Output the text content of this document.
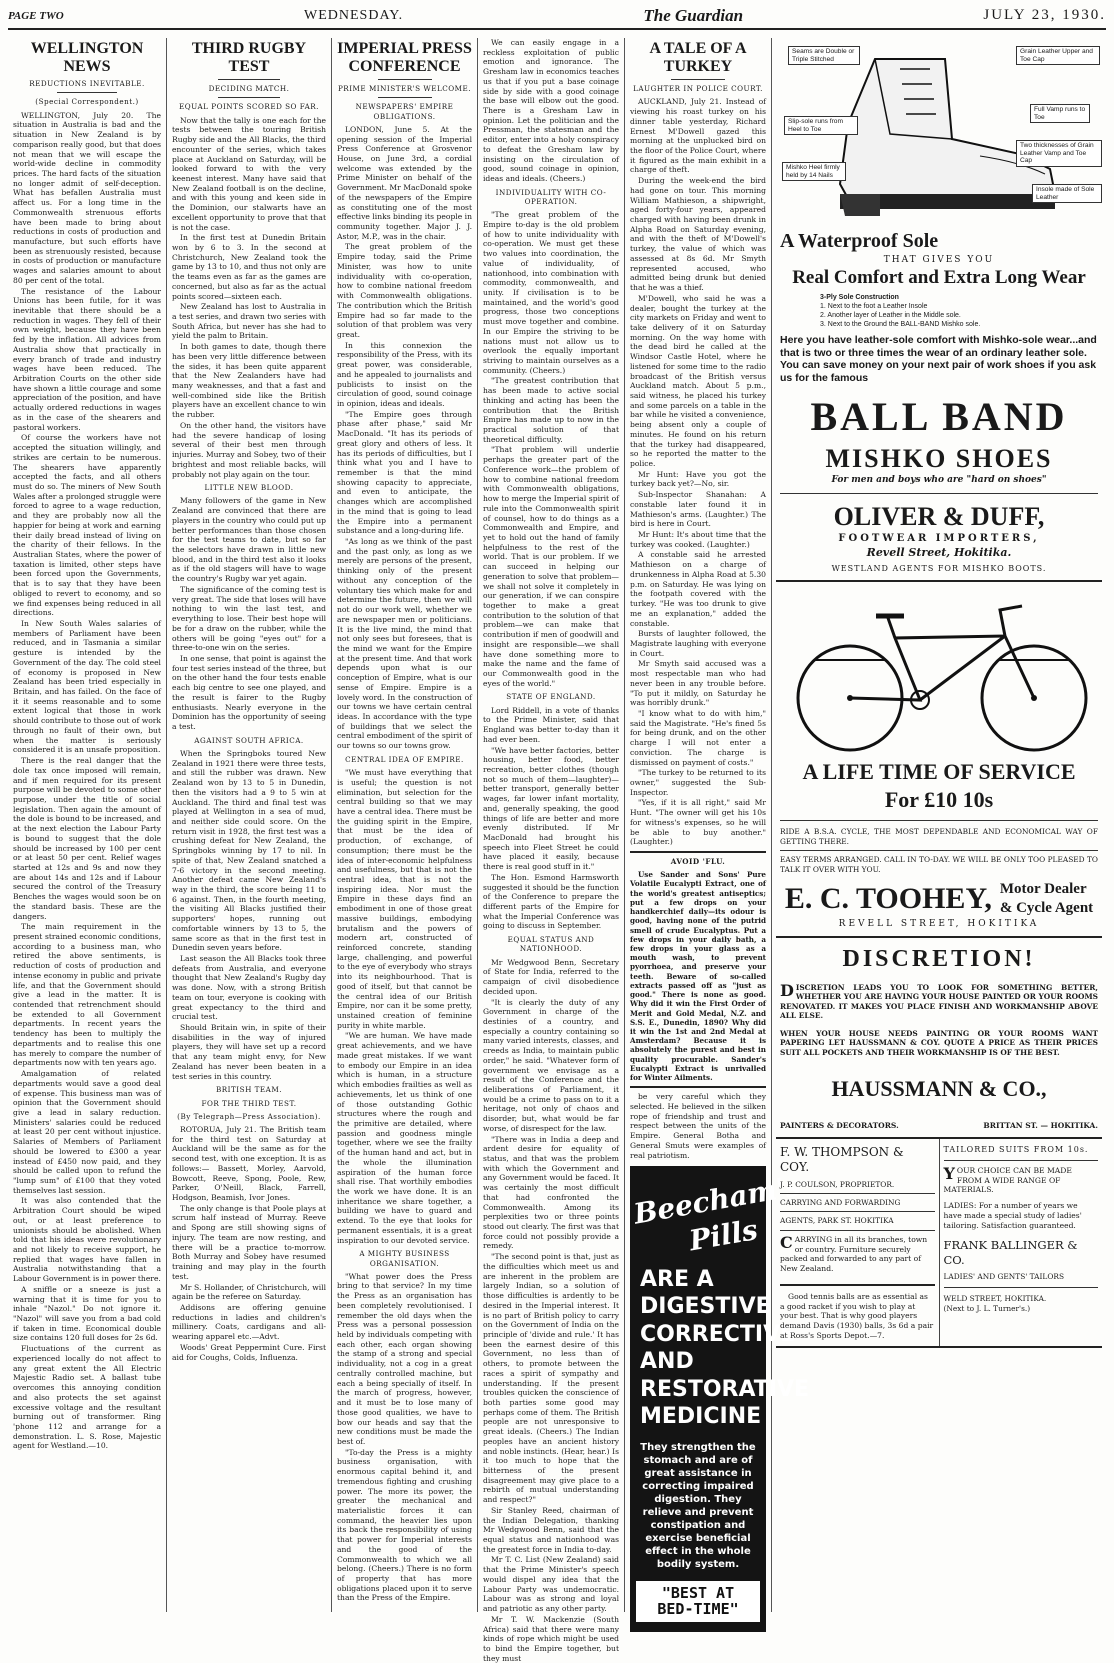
PAGE TWO	WEDNESDAY.	The Guardian	JULY 23, 1930.
WELLINGTON NEWS
REDUCTIONS INEVITABLE.
(Special Correspondent.)
WELLINGTON, July 20. The situation in Australia is bad and the situation in New Zealand is by comparison really good, but that does not mean that we will escape the world-wide decline in commodity prices. The hard facts of the situation no longer admit of self-deception. What has befallen Australia must affect us. For a long time in the Commonwealth strenuous efforts have been made to bring about reductions in costs of production and manufacture, but such efforts have been as strenuously resisted, because in costs of production or manufacture wages and salaries amount to about 80 per cent of the total.
The resistance of the Labour Unions has been futile, for it was inevitable that there should be a reduction in wages. They fell of their own weight, because they have been fed by the inflation. All advices from Australia show that practically in every branch of trade and industry wages have been reduced. The Arbitration Courts on the other side have shown a little courage and some appreciation of the position, and have actually ordered reductions in wages as in the case of the shearers and pastoral workers.
Of course the workers have not accepted the situation willingly, and strikes are certain to be numerous. The shearers have apparently accepted the facts, and all others must do so. The miners of New South Wales after a prolonged struggle were forced to agree to a wage reduction, and they are probably now all the happier for being at work and earning their daily bread instead of living on the charity of their fellows. In the Australian States, where the power of taxation is limited, other steps have been forced upon the Governments, that is to say that they have been obliged to revert to economy, and so we find expenses being reduced in all directions.
In New South Wales salaries of members of Parliament have been reduced, and in Tasmania a similar gesture is intended by the Government of the day. The cold steel of economy is proposed in New Zealand has been tried especially in Britain, and has failed. On the face of it it seems reasonable and to some extent logical that those in work should contribute to those out of work through no fault of their own, but when the matter is seriously considered it is an unsafe proposition.
There is the real danger that the dole tax once imposed will remain, and if men required for its present purpose will be devoted to some other purpose, under the title of social legislation. Then again the amount of the dole is bound to be increased, and at the next election the Labour Party is bound to suggest that the dole should be increased by 100 per cent or at least 50 per cent. Relief wages started at 12s and 9s and now they are about 14s and 12s and if Labour secured the control of the Treasury Benches the wages would soon be on the standard basis. These are the dangers.
The main requirement in the present strained economic conditions, according to a business man, who retired the above sentiments, is reduction of costs of production and intense economy in public and private life, and that the Government should give a lead in the matter. It is contended that retrenchment should be extended to all Government departments. In recent years the tendency has been to multiply the departments and to realise this one has merely to compare the number of departments now with ten years ago.
Amalgamation of related departments would save a good deal of expense. This business man was of opinion that the Government should give a lead in salary reduction. Ministers' salaries could be reduced at least 20 per cent without injustice. Salaries of Members of Parliament should be lowered to £300 a year instead of £450 now paid, and they should be called upon to refund the "lump sum" of £100 that they voted themselves last session.
It was also contended that the Arbitration Court should be wiped out, or at least preference to unionists should be abolished. When told that his ideas were revolutionary and not likely to receive support, he replied that wages have fallen in Australia notwithstanding that a Labour Government is in power there.
A sniffle or a sneeze is just a warning that it is time for you to inhale "Nazol." Do not ignore it. "Nazol" will save you from a bad cold if taken in time. Economical double size contains 120 full doses for 2s 6d.
Fluctuations of the current as experienced locally do not affect to any great extent the All Electric Majestic Radio set. A ballast tube overcomes this annoying condition and also protects the set against excessive voltage and the resultant burning out of transformer. Ring 'phone 112 and arrange for a demonstration. L. S. Rose, Majestic agent for Westland.—10.
THIRD RUGBY TEST
DECIDING MATCH.
EQUAL POINTS SCORED SO FAR.
Now that the tally is one each for the tests between the touring British Rugby side and the All Blacks, the third encounter of the series, which takes place at Auckland on Saturday, will be looked forward to with the very keenest interest. Many have said that New Zealand football is on the decline, and with this young and keen side in the Dominion, our stalwarts have an excellent opportunity to prove that that is not the case.
In the first test at Dunedin Britain won by 6 to 3. In the second at Christchurch, New Zealand took the game by 13 to 10, and thus not only are the teams even as far as the games are concerned, but also as far as the actual points scored—sixteen each.
New Zealand has lost to Australia in a test series, and drawn two series with South Africa, but never has she had to yield the palm to Britain.
In both games to date, though there has been very little difference between the sides, it has been quite apparent that the New Zealanders have had many weaknesses, and that a fast and well-combined side like the British players have an excellent chance to win the rubber.
On the other hand, the visitors have had the severe handicap of losing several of their best men through injuries. Murray and Sobey, two of their brightest and most reliable backs, will probably not play again on the tour.
LITTLE NEW BLOOD.
Many followers of the game in New Zealand are convinced that there are players in the country who could put up better performances than those chosen for the test teams to date, but so far the selectors have drawn in little new blood, and in the third test also it looks as if the old stagers will have to wage the country's Rugby war yet again.
The significance of the coming test is very great. The side that loses will have nothing to win the last test, and everything to lose. Their best hope will be for a draw on the rubber, while the others will be going "eyes out" for a three-to-one win on the series.
In one sense, that point is against the four test series instead of the three, but on the other hand the four tests enable each big centre to see one played, and the result is fairer to the Rugby enthusiasts. Nearly everyone in the Dominion has the opportunity of seeing a test.
AGAINST SOUTH AFRICA.
When the Springboks toured New Zealand in 1921 there were three tests, and still the rubber was drawn. New Zealand won by 13 to 5 in Dunedin, then the visitors had a 9 to 5 win at Auckland. The third and final test was played at Wellington in a sea of mud, and neither side could score. On the return visit in 1928, the first test was a crushing defeat for New Zealand, the Springboks winning by 17 to nil. In spite of that, New Zealand snatched a 7-6 victory in the second meeting. Another defeat came New Zealand's way in the third, the score being 11 to 6 against. Then, in the fourth meeting, the visiting All Blacks justified their supporters' hopes, running out comfortable winners by 13 to 5, the same score as that in the first test in Dunedin seven years before.
Last season the All Blacks took three defeats from Australia, and everyone thought that New Zealand's Rugby day was done. Now, with a strong British team on tour, everyone is cooking with great expectancy to the third and crucial test.
Should Britain win, in spite of their disabilities in the way of injured players, they will have set up a record that any team might envy, for New Zealand has never been beaten in a test series in this country.
BRITISH TEAM.
FOR THE THIRD TEST.
(By Telegraph—Press Association).
ROTORUA, July 21. The British team for the third test on Saturday at Auckland will be the same as for the second test, with one exception. It is as follows:— Bassett, Morley, Aarvold, Bowcott, Reeve, Spong, Poole, Rew, Parker, O'Neill, Black, Farrell, Hodgson, Beamish, Ivor Jones.
The only change is that Poole plays at scrum half instead of Murray. Reeve and Spong are still showing signs of injury. The team are now resting, and there will be a practice to-morrow. Both Murray and Sobey have resumed training and may play in the fourth test.
Mr S. Hollander, of Christchurch, will again be the referee on Saturday.
Addisons are offering genuine reductions in ladies and children's millinery. Coats, cardigans and all-wearing apparel etc.—Advt.
Woods' Great Peppermint Cure. First aid for Coughs, Colds, Influenza.
IMPERIAL PRESS CONFERENCE
PRIME MINISTER'S WELCOME.
NEWSPAPERS' EMPIRE OBLIGATIONS.
LONDON, June 5. At the opening session of the Imperial Press Conference at Grosvenor House, on June 3rd, a cordial welcome was extended by the Prime Minister on behalf of the Government. Mr MacDonald spoke of the newspapers of the Empire as constituting one of the most effective links binding its people in community together. Major J. J. Astor, M.P., was in the chair.
The great problem of the Empire today, said the Prime Minister, was how to unite individuality with co-operation, how to combine national freedom with Commonwealth obligations. The contribution which the British Empire had so far made to the solution of that problem was very great.
In this connexion the responsibility of the Press, with its great power, was considerable, and he appealed to journalists and publicists to insist on the circulation of good, sound coinage in opinion, ideas and ideals.
"The Empire goes through phase after phase," said Mr MacDonald. "It has its periods of great glory and others of less. It has its periods of difficulties, but I think what you and I have to remember is that the mind showing capacity to appreciate, and even to anticipate, the changes which are accomplished in the mind that is going to lead the Empire into a permanent substance and a long-during life.
"As long as we think of the past and the past only, as long as we merely are persons of the present, thinking only of the present without any conception of the voluntary ties which make for and determine the future, then we will not do our work well, whether we are newspaper men or politicians. It is the live mind, the mind that not only sees but foresees, that is the mind we want for the Empire at the present time. And that work depends upon what is our conception of Empire, what is our sense of Empire. Empire is a lovely word. In the construction of our towns we have certain central ideas. In accordance with the type of buildings that we select the central embodiment of the spirit of our towns so our towns grow.
CENTRAL IDEA OF EMPIRE.
"We must have everything that is useful; the question is not elimination, but selection for the central building so that we may have a central idea. There must be the guiding spirit in the Empire, that must be the idea of production, of exchange, of consumption; there must be the idea of inter-economic helpfulness and usefulness, but that is not the central idea, that is not the inspiring idea. Nor must the Empire in these days find an embodiment in one of those great massive buildings, embodying brutalism and the powers of modern art, constructed of reinforced concrete, standing large, challenging, and powerful to the eye of everybody who strays into its neighbourhood. That is good of itself, but that cannot be the central idea of our British Empire, nor can it be some pretty, unstained creation of feminine purity in white marble.
"We are human. We have made great achievements, and we have made great mistakes. If we want to embody our Empire in an idea which is human, in a structure which embodies frailties as well as achievements, let us think of one of those outstanding Gothic structures where the rough and the primitive are detailed, where passion and goodness mingle together, where we see the frailty of the human hand and act, but in the whole the illumination aspiration of the human force shall rise. That worthily embodies the work we have done. It is an inheritance we share together, a building we have to guard and extend. To the eye that looks for permanent essentials, it is a great inspiration to our devoted service.
A MIGHTY BUSINESS ORGANISATION.
"What power does the Press bring to that service? In my time the Press as an organisation has been completely revolutionised. I remember the old days when the Press was a personal possession held by individuals competing with each other, each organ showing the stamp of a strong and special individuality, not a cog in a great centrally controlled machine, but each a being specially of itself. In the march of progress, however, and it must be to lose many of those good qualities, we have to bow our heads and say that the new conditions must be made the best of.
"To-day the Press is a mighty business organisation, with enormous capital behind it, and tremendous fighting and crushing power. The more its power, the greater the mechanical and materialistic forces it can command, the heavier lies upon its back the responsibility of using that power for Imperial interests and the good of the Commonwealth to which we all belong. (Cheers.) There is no form of property that has more obligations placed upon it to serve than the Press of the Empire.
We can easily engage in a reckless exploitation of public emotion and ignorance. The Gresham law in economics teaches us that if you put a base coinage side by side with a good coinage the base will elbow out the good. There is a Gresham Law in opinion. Let the politician and the Pressman, the statesman and the editor, enter into a holy conspiracy to defeat the Gresham law by insisting on the circulation of good, sound coinage in opinion, ideas and ideals. (Cheers.)
INDIVIDUALITY WITH CO-OPERATION.
"The great problem of the Empire to-day is the old problem of how to unite individuality with co-operation. We must get these two values into coordination, the value of individuality, of nationhood, into combination with commodity, commonwealth, and unity. If civilisation is to be maintained, and the world's good progress, those two conceptions must move together and combine. In our Empire the striving to be nations must not allow us to overlook the equally important striving to maintain ourselves as a community. (Cheers.)
"The greatest contribution that has been made to active social thinking and acting has been the contribution that the British Empire has made up to now in the practical solution of that theoretical difficulty.
"That problem will underlie perhaps the greater part of the Conference work—the problem of how to combine national freedom with Commonwealth obligations, how to merge the Imperial spirit of rule into the Commonwealth spirit of counsel, how to do things as a Commonwealth and Empire, and yet to hold out the hand of family helpfulness to the rest of the world. That is our problem. If we can succeed in helping our generation to solve that problem—we shall not solve it completely in our generation, if we can conspire together to make a great contribution to the solution of that problem—we can make that contribution if men of goodwill and insight are responsible—we shall have done something more to make the name and the fame of our Commonwealth good in the eyes of the world."
STATE OF ENGLAND.
Lord Riddell, in a vote of thanks to the Prime Minister, said that England was better to-day than it had ever been.
"We have better factories, better housing, better food, better recreation, better clothes (though not so much of them—laughter)—better transport, generally better wages, far lower infant mortality, and, generally speaking, the good things of life are better and more evenly distributed. If Mr MacDonald had brought his speech into Fleet Street he could have placed it easily, because there is real good stuff in it."
The Hon. Esmond Harmsworth suggested it should be the function of the Conference to prepare the different parts of the Empire for what the Imperial Conference was going to discuss in September.
EQUAL STATUS AND NATIONHOOD.
Mr Wedgwood Benn, Secretary of State for India, referred to the campaign of civil disobedience decided upon.
"It is clearly the duty of any Government in charge of the destinies of a country, and especially a country containing so many varied interests, classes, and creeds as India, to maintain public order," he said. "Whatever form of government we envisage as a result of the Conference and the deliberations of Parliament, it would be a crime to pass on to it a heritage, not only of chaos and disorder, but, what would be far worse, of disrespect for the law.
"There was in India a deep and ardent desire for equality of status, and that was the problem with which the Government and any Government would be faced. It was certainly the most difficult that had confronted the Commonwealth. Among its perplexities two or three points stood out clearly. The first was that force could not possibly provide a remedy.
"The second point is that, just as the difficulties which meet us and are inherent in the problem are largely Indian, so a solution of those difficulties is ardently to be desired in the Imperial interest. It is no part of British policy to carry on the Government of India on the principle of 'divide and rule.' It has been the earnest desire of this Government, no less than of others, to promote between the races a spirit of sympathy and understanding. If the present troubles quicken the conscience of both parties some good may perhaps come of them. The British people are not unresponsive to great ideals. (Cheers.) The Indian peoples have an ancient history and noble instincts. (Hear, hear.) Is it too much to hope that the bitterness of the present disagreement may give place to a rebirth of mutual understanding and respect?"
Sir Stanley Reed, chairman of the Indian Delegation, thanking Mr Wedgwood Benn, said that the equal status and nationhood was the greatest force in India to-day.
Mr T. C. List (New Zealand) said that the Prime Minister's speech would dispel any idea that the Labour Party was undemocratic. Labour was as strong and loyal and patriotic as any other party.
Mr T. W. Mackenzie (South Africa) said that there were many kinds of rope which might be used to bind the Empire together, but they must
A TALE OF A TURKEY
LAUGHTER IN POLICE COURT.
AUCKLAND, July 21. Instead of viewing his roast turkey on his dinner table yesterday, Richard Ernest M'Dowell gazed this morning at the unplucked bird on the floor of the Police Court, where it figured as the main exhibit in a charge of theft.
During the week-end the bird had gone on tour. This morning William Mathieson, a shipwright, aged forty-four years, appeared charged with having been drunk in Alpha Road on Saturday evening, and with the theft of M'Dowell's turkey, the value of which was assessed at 8s 6d. Mr Smyth represented accused, who admitted being drunk but denied that he was a thief.
M'Dowell, who said he was a dealer, bought the turkey at the city markets on Friday and went to take delivery of it on Saturday morning. On the way home with the dead bird he called at the Windsor Castle Hotel, where he listened for some time to the radio broadcast of the British versus Auckland match. About 5 p.m., said witness, he placed his turkey and some parcels on a table in the bar while he visited a convenience, being absent only a couple of minutes. He found on his return that the turkey had disappeared, so he reported the matter to the police.
Mr Hunt: Have you got the turkey back yet?—No, sir.
Sub-Inspector Shanahan: A constable later found it in Mathieson's arms. (Laughter.) The bird is here in Court.
Mr Hunt: It's about time that the turkey was cooked. (Laughter.)
A constable said he arrested Mathieson on a charge of drunkenness in Alpha Road at 5.30 p.m. on Saturday. He was lying on the footpath covered with the turkey. "He was too drunk to give me an explanation," added the constable.
Bursts of laughter followed, the Magistrate laughing with everyone in Court.
Mr Smyth said accused was a most respectable man who had never been in any trouble before. "To put it mildly, on Saturday he was horribly drunk."
"I know what to do with him," said the Magistrate. "He's fined 5s for being drunk, and on the other charge I will not enter a conviction. The charge is dismissed on payment of costs."
"The turkey to be returned to its owner," suggested the Sub-Inspector.
"Yes, if it is all right," said Mr Hunt. "The owner will get his 10s for witness's expenses, so he will be able to buy another." (Laughter.)
AVOID 'FLU.
Use Sander and Sons' Pure Volatile Eucalypti Extract, one of the world's greatest antiseptics; put a few drops on your handkerchief daily—its odour is good, having none of the putrid smell of crude Eucalyptus. Put a few drops in your daily bath, a few drops in your glass as a mouth wash, to prevent pyorrhoea, and preserve your teeth. Beware of so-called extracts passed off as "just as good." There is none as good. Why did it win the First Order of Merit and Gold Medal, N.Z. and S.S. E., Dunedin, 1890? Why did it win the 1st and 2nd Medal at Amsterdam? Because it is absolutely the purest and best in quality procurable. Sander's Eucalypti Extract is unrivalled for Winter Ailments.
be very careful which they selected. He believed in the silken rope of friendship and trust and respect between the units of the Empire. General Botha and General Smuts were examples of real patriotism.
Beecham's Pills
ARE A
DIGESTIVE
CORRECTIVE
AND
RESTORATIVE
MEDICINE
They strengthen the stomach and are of great assistance in correcting impaired digestion. They relieve and prevent constipation and exercise beneficial effect in the whole bodily system.
"BEST AT BED-TIME"
Seams are Double or Triple Stitched
Grain Leather Upper and Toe Cap
Full Vamp runs to Toe
Slip-sole runs from Heel to Toe
Two thicknesses of Grain Leather Vamp and Toe Cap
Mishko Heel firmly held by 14 Nails
Insole made of Sole Leather
A Waterproof Sole
THAT GIVES YOU
Real Comfort and Extra Long Wear
3-Ply Sole Construction
1. Next to the foot a Leather Insole
2. Another layer of Leather in the Middle sole.
3. Next to the Ground the BALL-BAND Mishko sole.
Here you have leather-sole comfort with Mishko-sole wear...and that is two or three times the wear of an ordinary leather sole. You can save money on your next pair of work shoes if you ask us for the famous
BALL BAND
MISHKO SHOES
For men and boys who are "hard on shoes"
OLIVER & DUFF,
FOOTWEAR IMPORTERS,
Revell Street, Hokitika.
WESTLAND AGENTS FOR MISHKO BOOTS.
A LIFE TIME OF SERVICE
For £10 10s
RIDE A B.S.A. CYCLE, THE MOST DEPENDABLE AND ECONOMICAL WAY OF GETTING THERE.
EASY TERMS ARRANGED. CALL IN TO-DAY. WE WILL BE ONLY TOO PLEASED TO TALK IT OVER WITH YOU.
E. C. TOOHEY, Motor Dealer
& Cycle Agent
REVELL STREET, HOKITIKA
DISCRETION!
DISCRETION LEADS YOU TO LOOK FOR SOMETHING BETTER, WHETHER YOU ARE HAVING YOUR HOUSE PAINTED OR YOUR ROOMS RENOVATED. IT MAKES YOU PLACE FINISH AND WORKMANSHIP ABOVE ALL ELSE.
WHEN YOUR HOUSE NEEDS PAINTING OR YOUR ROOMS WANT PAPERING LET HAUSSMANN & COY. QUOTE A PRICE AS THEIR PRICES SUIT ALL POCKETS AND THEIR WORKMANSHIP IS OF THE BEST.
HAUSSMANN & CO.,
PAINTERS & DECORATORS.	BRITTAN ST. — HOKITIKA.
F. W. THOMPSON & COY.
J. P. COULSON, PROPRIETOR.
CARRYING AND FORWARDING
AGENTS, PARK ST. HOKITIKA
CARRYING in all its branches, town or country. Furniture securely packed and forwarded to any part of New Zealand.
Good tennis balls are as essential as a good racket if you wish to play at your best. That is why good players demand Davis (1930) balls, 3s 6d a pair at Ross's Sports Depot.—7.
TAILORED SUITS FROM 10s.
YOUR CHOICE CAN BE MADE FROM A WIDE RANGE OF MATERIALS.
LADIES: For a number of years we have made a special study of ladies' tailoring. Satisfaction guaranteed.
FRANK BALLINGER & CO.
LADIES' AND GENTS' TAILORS
WELD STREET, HOKITIKA.
(Next to J. L. Turner's.)
